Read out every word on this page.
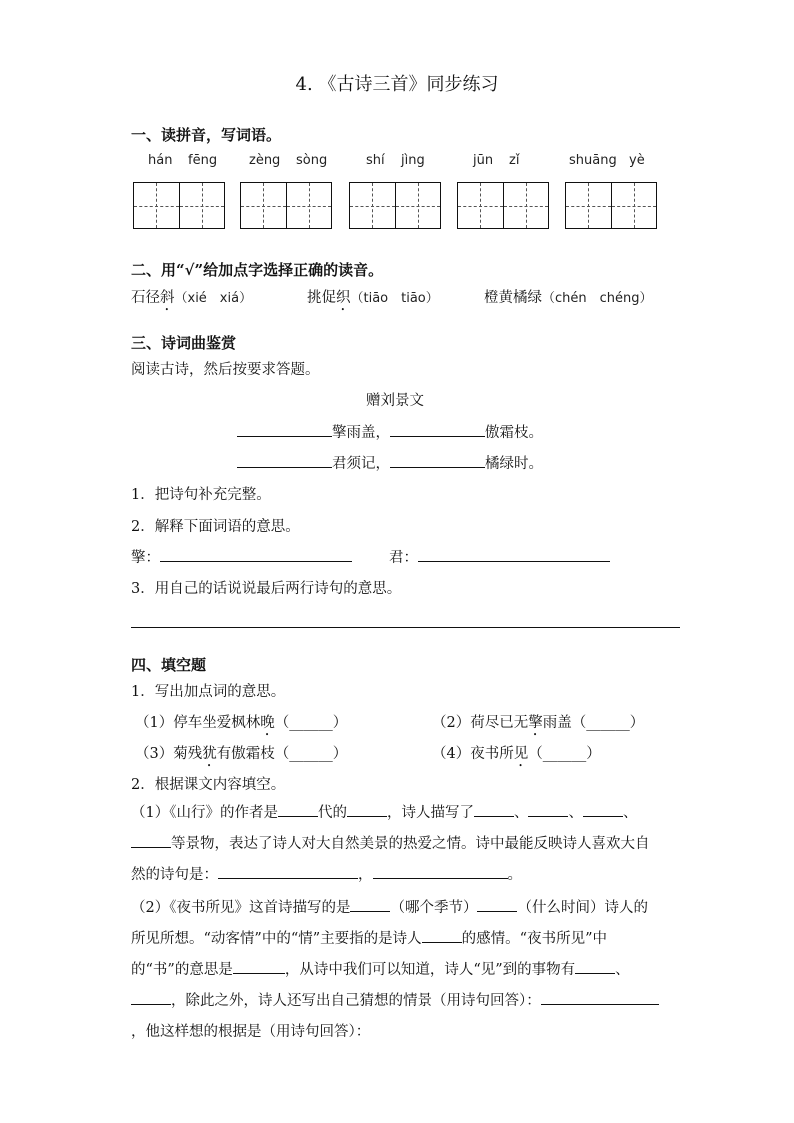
4. 《古诗三首》同步练习
一、读拼音，写词语。
hán fēng zèng sòng	shí jìng	jūn zǐ	shuāng yè
二、用“√”给加点字选择正确的读音。
石径斜（xié　xiá）	挑促织（tiāo　tiāo）	橙黄橘绿（chén　chéng）
三、诗词曲鉴赏
阅读古诗，然后按要求答题。
赠刘景文
擎雨盖，	傲霜枝。
君须记，	橘绿时。
1．把诗句补充完整。
2．解释下面词语的意思。
擎：	君：
3．用自己的话说说最后两行诗句的意思。
四、填空题
1．写出加点词的意思。
（1）停车坐爱枫林晚（______）	（2）荷尽已无擎雨盖（______）
（3）菊残犹有傲霜枝（______）	（4）夜书所见（______）
2．根据课文内容填空。
（1）《山行》的作者是	代的	，诗人描写了	、	、	、等景物，表达了诗人对大自然美景的热爱之情。诗中最能反映诗人喜欢大自然的诗句是：	，	。
（2）《夜书所见》这首诗描写的是	（哪个季节）	（什么时间）诗人的所见所想。“动客情”中的“情”主要指的是诗人	的感情。“夜书所见”中的“书”的意思是	，从诗中我们可以知道，诗人“见”到的事物有	、，除此之外，诗人还写出自己猜想的情景（用诗句回答）：，他这样想的根据是（用诗句回答）：
